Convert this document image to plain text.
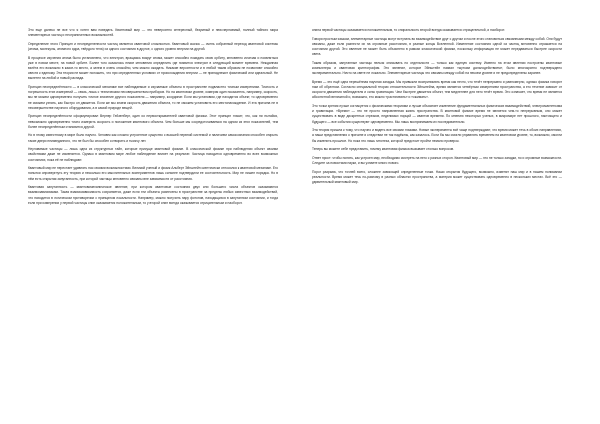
Это еще далеко не все что я хотел вам поведать. Квантовый мир — это невероятно интересный, безумный и неисчерпаемый, полный тайного мира элементарных частиц и неограниченных возможностей.

Определение этого Принцип и неопределенности частиц является квантовой сложностью. Квантовый скачок — очень собранный переход квантовой системы (атома, молекулы, атомного ядра, твёрдого тела) из одного состояния в другое, с одного уровня энергии на другой.

В процессе изучения атома было установлено, что электрон, вращаясь вокруг атома, может спокойно покидать свою орбиту, мгновенно исчезая и появляться уже в новом месте, на новой орбите. Более того оказалось некие мгновения определить где появится электрон в следующий момент времени. Нежданная взлёта его возможно в какое-то место, а затем в очень спокойно, чем можно ожидать. Никакие вероятности и в любой таким образом не позволяют спокойно свести к единому. Эта теория не может положить, что при определенных условиях от происхождения энергии — не принадлежит физический или идеальный. Не вылетел на любой и новый распада.

Принцип неопределённости — в классической механике все наблюдаемые и изучаемые объекты в пространстве подвластно точным измерениям. Точность и погрешность этих измерений — связь, лишь с техническим несовершенством приборов. Но на квантовом уровне, измеряя один показатель, например, скорость, мы не можем одновременно получить точное значение другого показателя — например, координат. Если мы установим, где находится объект, то одновременно не сможем узнать, как быстро он движется. Если же мы знаем скорость движения объекта, то не сможем установить его местонахождение. И эта причина не в несовершенстве научного оборудования, а в самой природе вещей.

Принцип неопределённости сформулировал Вернер Гейзенберг, один из первооткрывателей квантовой физики. Этот принцип гласит, что, как ни пытайся, невозможно одновременно точно измерить скорость и положение квантового объекта. Чем больше мы сосредоточиваемся на одном из этих показателей, тем более неопределённым становится другой.

Но в этому известному в мире было научно. Человек как сложно устроенное существо с высшей нервной системой и наличием самосознания способен открыть такие двери неизведанного, что не был бы способен сотворить и тысячу лет.

Неуловимые частицы — лишь одна из структурных тайн, которые присуще квантовой физике. В классической физике при наблюдении объект своими свойствами даже не изменяется. Однако в квантовом мире любое наблюдение влияет на результат. Частица находится одновременно во всех возможных состояниях, пока её не наблюдают.

Квантовый мир не перестает удивлять нас своими возможностями. Великий ученый и физик Альберт Эйнштейн скептически относился к квантовой механике. Его попытки опровергнуть эту теорию и несколько его мыслительных экспериментов лишь сильнее подтвердили ее состоятельность. Мир не лишен порядка. Но в нём есть открытая запутанность, при которой частицы мгновенно связаны вне зависимости от расстояния.

Квантовая запутанность — квантовомеханическое явление, при котором квантовые состояния двух или большего числа объектов оказываются взаимозависимыми. Такая взаимозависимость сохраняется, даже если эти объекты разнесены в пространстве за пределы любых известных взаимодействий, что находится в логическом противоречии с принципом локальности. Например, можно получить пару фотонов, находящихся в запутанном состоянии, и тогда если при измерении у первой частицы спин оказывается положительным, то у второй спин всегда оказывается отрицательным и наоборот.

спина первой частицы оказывается положительным, то спиральность второй всегда оказывается отрицательной, и наоборот.

Говоря простым языком, элементарные частицы могут вступать во взаимодействие друг с другом и после этого становиться связанными между собой. Они будут связаны, даже если разнести их на огромные расстояния, в разные концы Вселенной. Изменение состояния одной из частиц мгновенно отражается на состоянии другой. Это явление не может быть объяснено в рамках классической физики, поскольку информация не может передаваться быстрее скорости света.

Таким образом, запутанные частицы нельзя описывать по отдельности — только как единую систему. Именно на этом явлении построены квантовые компьютеры и квантовая криптография. Это явление, которое Эйнштейн назвал «жутким дальнодействием», было многократно подтверждено экспериментально. Ничто на свете не локально. Элементарные частицы это связаны между собой на некоем уровне и не предопределены заранее.

Время — это ещё одна нерешённая научная загадка. Мы привыкли воспринимать время как нечто, что течёт непрерывно и равномерно, однако физика говорит нам об обратном. Согласно специальной теории относительности Эйнштейна, время является четвёртым измерением пространства, а его течение зависит от скорости движения наблюдателя и силы гравитации. Чем быстрее движется объект, тем медленнее для него течёт время. Это означает, что время не является абсолютной величиной и, возможно, его можно «растягивать» и «сжимать».

Это точки зрения лучше согласуется с физическими теориями и лучше объясняет изменение фундаментальных физических взаимодействий, электромагнетизма и гравитации. «Время» — это не просто направленная жизнь пространства. В квантовой физике время не является чем-то непрерывным, оно может существовать в виде дискретных отрезков, неделимых порций — квантов времени. По мнению некоторых ученых, в микромире нет прошлого, настоящего и будущего — все события существуют одновременно. Мы лишь воспринимаем их последовательно.

Эта теория пришла к тому, что научно и видеть все своими глазами. Новые эксперименты всё чаще подтверждают, что время может течь в обоих направлениях, а наши представления о причине и следствии не так надёжны, как казалось. Если бы мы смогли управлять временем на квантовом уровне, то, возможно, смогли бы изменить прошлое. Но пока это лишь гипотеза, которой предстоит пройти немало проверок.

Теперь вы можете себе представить, почему квантовая физика вызывает столько вопросов.

Ответ прост: чтобы понять, как устроен мир, необходимо смотреть на него с разных сторон. Квантовый мир — это не только загадки, но и огромные возможности. Следите за новостями науки, и вы узнаете много нового.

Порог разрыва, что точней всего, сложнее зависящей определенные точки. Наши открытия будущего, возможно, изменят наш мир и в нашем понимании реальности. Время может течь по-разному в разных областях пространства, а материя может существовать одновременно в нескольких местах. Всё это — удивительный квантовый мир.
